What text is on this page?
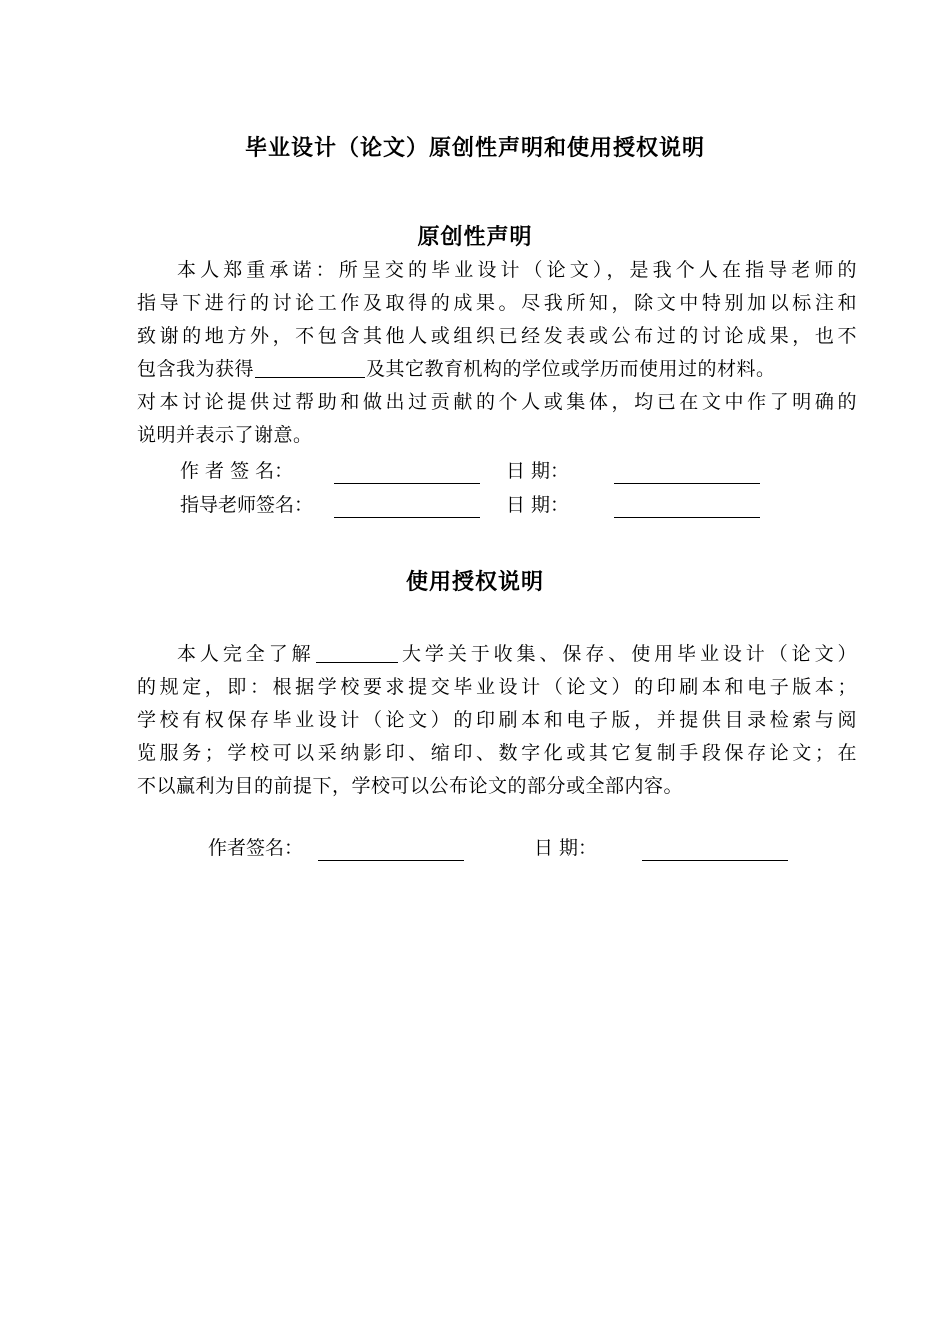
毕业设计（论文）原创性声明和使用授权说明
原创性声明
本人郑重承诺：所呈交的毕业设计（论文），是我个人在指导老师的
指导下进行的讨论工作及取得的成果。尽我所知，除文中特别加以标注和
致谢的地方外，不包含其他人或组织已经发表或公布过的讨论成果，也不
包含我为获得	及其它教育机构的学位或学历而使用过的材料。
对本讨论提供过帮助和做出过贡献的个人或集体，均已在文中作了明确的
说明并表示了谢意。
作 者 签 名：	日 期：
指导老师签名：	日 期：
使用授权说明
本人完全了解	大学关于收集、保存、使用毕业设计（论文）
的规定，即：根据学校要求提交毕业设计（论文）的印刷本和电子版本；
学校有权保存毕业设计（论文）的印刷本和电子版，并提供目录检索与阅
览服务；学校可以采纳影印、缩印、数字化或其它复制手段保存论文；在
不以赢利为目的前提下，学校可以公布论文的部分或全部内容。
作者签名：	日 期：
